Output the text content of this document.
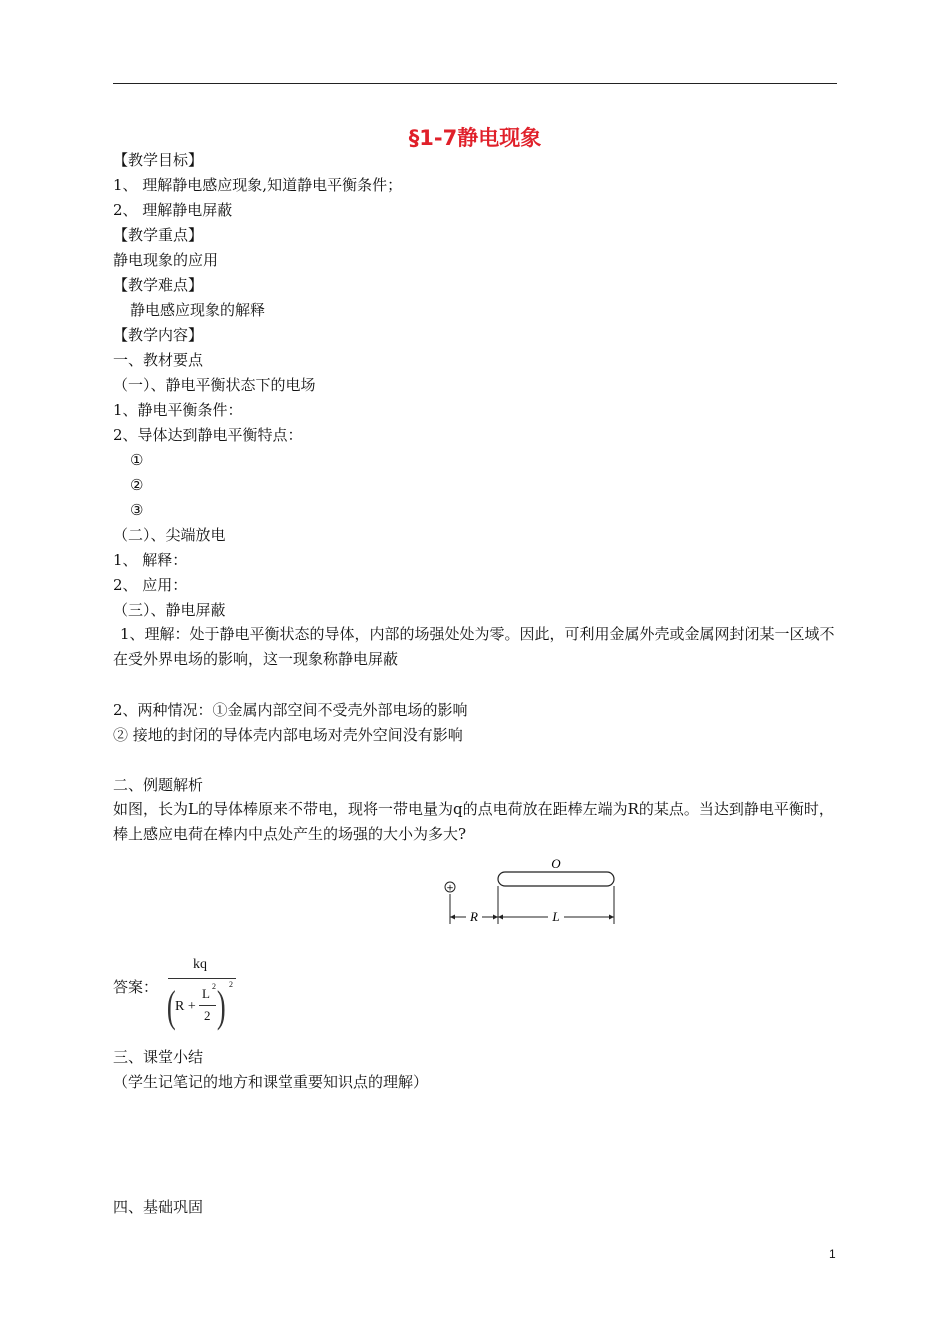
§1-7静电现象
【教学目标】
1、 理解静电感应现象,知道静电平衡条件；
2、 理解静电屏蔽
【教学重点】
静电现象的应用
【教学难点】
静电感应现象的解释
【教学内容】
一、教材要点
（一）、静电平衡状态下的电场
1、静电平衡条件：
2、导体达到静电平衡特点：
①
②
③
（二）、尖端放电
1、 解释：
2、 应用：
（三）、静电屏蔽
1、理解：处于静电平衡状态的导体，内部的场强处处为零。因此，可利用金属外壳或金属网封闭某一区域不在受外界电场的影响，这一现象称静电屏蔽
2、两种情况：①金属内部空间不受壳外部电场的影响
② 接地的封闭的导体壳内部电场对壳外空间没有影响
二、例题解析
如图，长为L的导体棒原来不带电，现将一带电量为q的点电荷放在距棒左端为R的某点。当达到静电平衡时，棒上感应电荷在棒内中点处产生的场强的大小为多大?
+
O
R	L
答案：
kq
( R +
L 2
2 ) 2
三、课堂小结
（学生记笔记的地方和课堂重要知识点的理解）
四、基础巩固
1
